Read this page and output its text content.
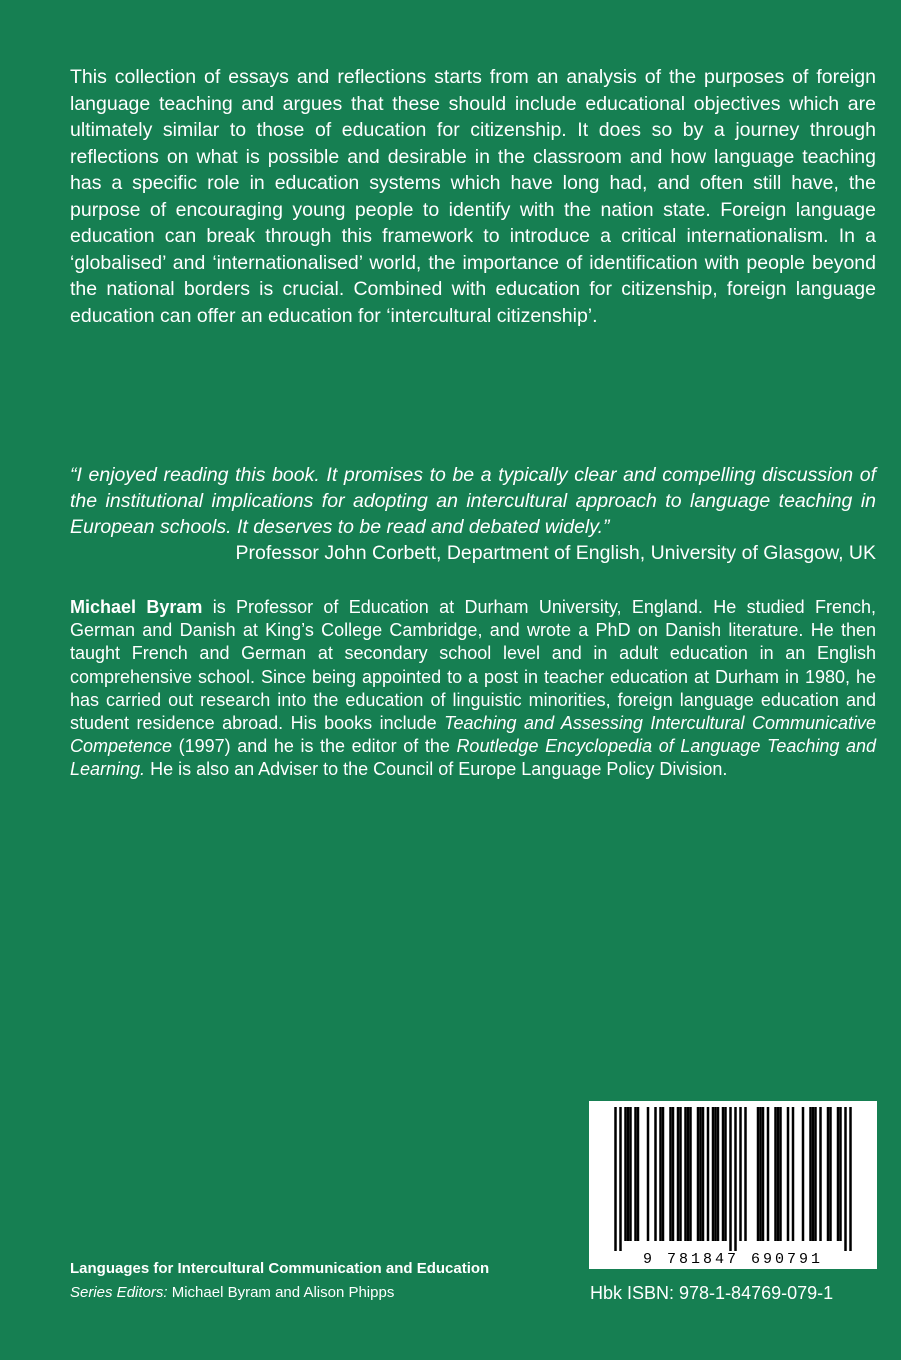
This collection of essays and reflections starts from an analysis of the purposes of foreign language teaching and argues that these should include educational objectives which are ultimately similar to those of education for citizenship. It does so by a journey through reflections on what is possible and desirable in the classroom and how language teaching has a specific role in education systems which have long had, and often still have, the purpose of encouraging young people to identify with the nation state. Foreign language education can break through this framework to introduce a critical internationalism. In a ‘globalised’ and ‘internationalised’ world, the importance of identification with people beyond the national borders is crucial. Combined with education for citizenship, foreign language education can offer an education for ‘intercultural citizenship’.

“I enjoyed reading this book. It promises to be a typically clear and compelling discussion of the institutional implications for adopting an intercultural approach to language teaching in European schools. It deserves to be read and debated widely.”

Professor John Corbett, Department of English, University of Glasgow, UK

Michael Byram is Professor of Education at Durham University, England. He studied French, German and Danish at King’s College Cambridge, and wrote a PhD on Danish literature. He then taught French and German at secondary school level and in adult education in an English comprehensive school. Since being appointed to a post in teacher education at Durham in 1980, he has carried out research into the education of linguistic minorities, foreign language education and student residence abroad. His books include Teaching and Assessing Intercultural Communicative Competence (1997) and he is the editor of the Routledge Encyclopedia of Language Teaching and Learning. He is also an Adviser to the Council of Europe Language Policy Division.

Languages for Intercultural Communication and Education
Series Editors: Michael Byram and Alison Phipps
9 781847 690791
Hbk ISBN: 978-1-84769-079-1
